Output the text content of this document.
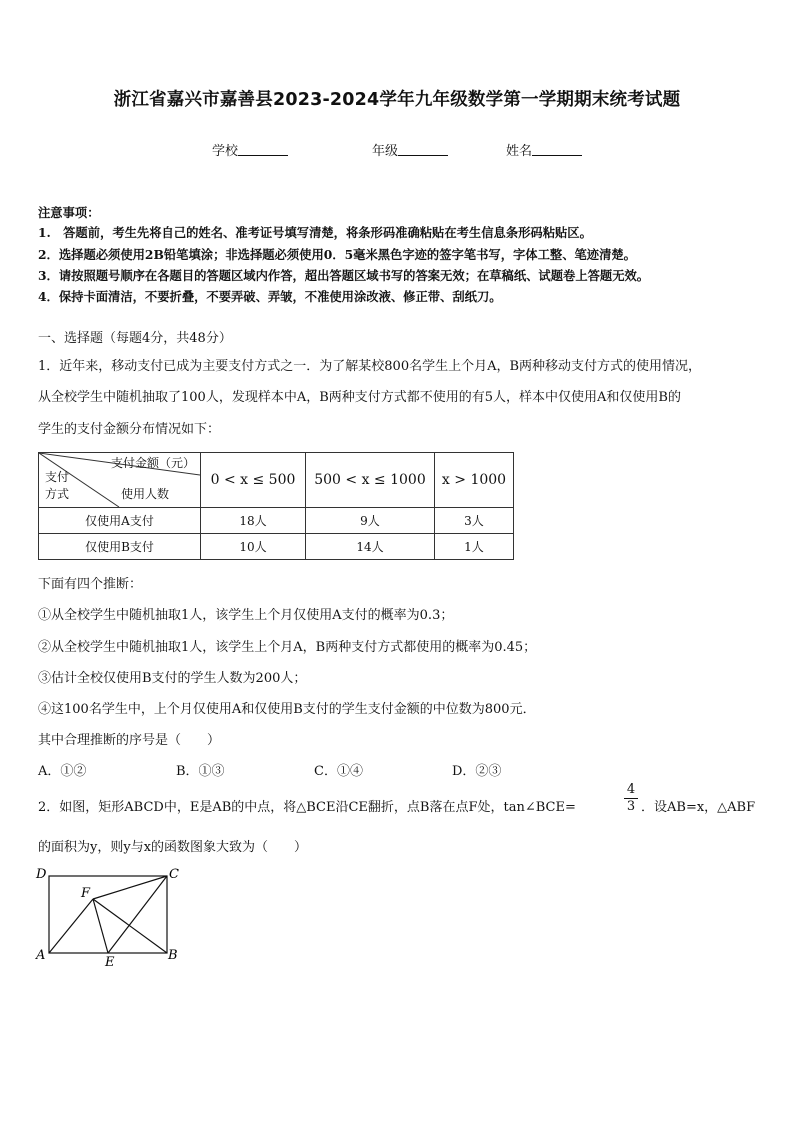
浙江省嘉兴市嘉善县2023-2024学年九年级数学第一学期期末统考试题
学校	年级	姓名
注意事项：
1.　答题前，考生先将自己的姓名、准考证号填写清楚，将条形码准确粘贴在考生信息条形码粘贴区。
2．选择题必须使用2B铅笔填涂；非选择题必须使用0．5毫米黑色字迹的签字笔书写，字体工整、笔迹清楚。
3．请按照题号顺序在各题目的答题区域内作答，超出答题区域书写的答案无效；在草稿纸、试题卷上答题无效。
4．保持卡面清洁，不要折叠，不要弄破、弄皱，不准使用涂改液、修正带、刮纸刀。
一、选择题（每题4分，共48分）
1．近年来，移动支付已成为主要支付方式之一．为了解某校800名学生上个月A，B两种移动支付方式的使用情况，
从全校学生中随机抽取了100人，发现样本中A，B两种支付方式都不使用的有5人，样本中仅使用A和仅使用B的
学生的支付金额分布情况如下：
支付金额（元）
支付
方式 使用人数	0 < x ≤ 500	500 < x ≤ 1000	x > 1000
仅使用A支付	18人	9人	3人
仅使用B支付	10人	14人	1人
下面有四个推断：
①从全校学生中随机抽取1人，该学生上个月仅使用A支付的概率为0.3；
②从全校学生中随机抽取1人，该学生上个月A，B两种支付方式都使用的概率为0.45；
③估计全校仅使用B支付的学生人数为200人；
④这100名学生中，上个月仅使用A和仅使用B支付的学生支付金额的中位数为800元．
其中合理推断的序号是（　　）
A．①②	B．①③	C．①④	D．②③
2．如图，矩形ABCD中，E是AB的中点，将△BCE沿CE翻折，点B落在点F处，tan∠BCE=	$\frac{4}{3}$ ．设AB=x，△ABF
的面积为y，则y与x的函数图象大致为（　　）
D	C
F
A	E	B
